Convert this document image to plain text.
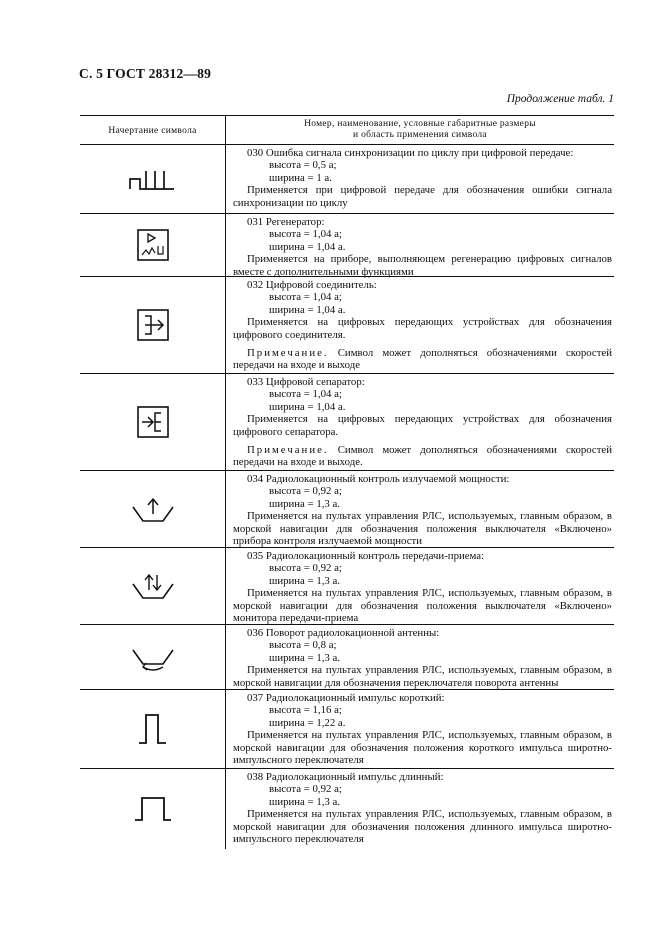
С. 5 ГОСТ 28312—89
Продолжение табл. 1
Начертание символа
Номер, наименование, условные габаритные размеры
и область применения символа
030 Ошибка сигнала синхронизации по циклу при цифровой передаче:
высота = 0,5 a;
ширина = 1 a.
Применяется при цифровой передаче для обозначения ошибки сигнала синхронизации по циклу
031 Регенератор:
высота = 1,04 a;
ширина = 1,04 a.
Применяется на приборе, выполняющем регенерацию цифровых сигналов вместе с дополнительными функциями
032 Цифровой соединитель:
высота = 1,04 a;
ширина = 1,04 a.
Применяется на цифровых передающих устройствах для обозначения цифрового соединителя.
Примечание. Символ может дополняться обозначениями скоростей передачи на входе и выходе
033 Цифровой сепаратор:
высота = 1,04 a;
ширина = 1,04 a.
Применяется на цифровых передающих устройствах для обозначения цифрового сепаратора.
Примечание. Символ может дополняться обозначениями скоростей передачи на входе и выходе.
034 Радиолокационный контроль излучаемой мощности:
высота = 0,92 a;
ширина = 1,3 a.
Применяется на пультах управления РЛС, используемых, главным образом, в морской навигации для обозначения положения выключателя «Включено» прибора контроля излучаемой мощности
035 Радиолокационный контроль передачи-приема:
высота = 0,92 a;
ширина = 1,3 a.
Применяется на пультах управления РЛС, используемых, главным образом, в морской навигации для обозначения положения выключателя «Включено» монитора передачи-приема
036 Поворот радиолокационной антенны:
высота = 0,8 a;
ширина = 1,3 a.
Применяется на пультах управления РЛС, используемых, главным образом, в морской навигации для обозначения переключателя поворота антенны
037 Радиолокационный импульс короткий:
высота = 1,16 a;
ширина = 1,22 a.
Применяется на пультах управления РЛС, используемых, главным образом, в морской навигации для обозначения положения короткого импульса широтно-импульсного переключателя
038 Радиолокационный импульс длинный:
высота = 0,92 a;
ширина = 1,3 a.
Применяется на пультах управления РЛС, используемых, главным образом, в морской навигации для обозначения положения длинного импульса широтно-импульсного переключателя
